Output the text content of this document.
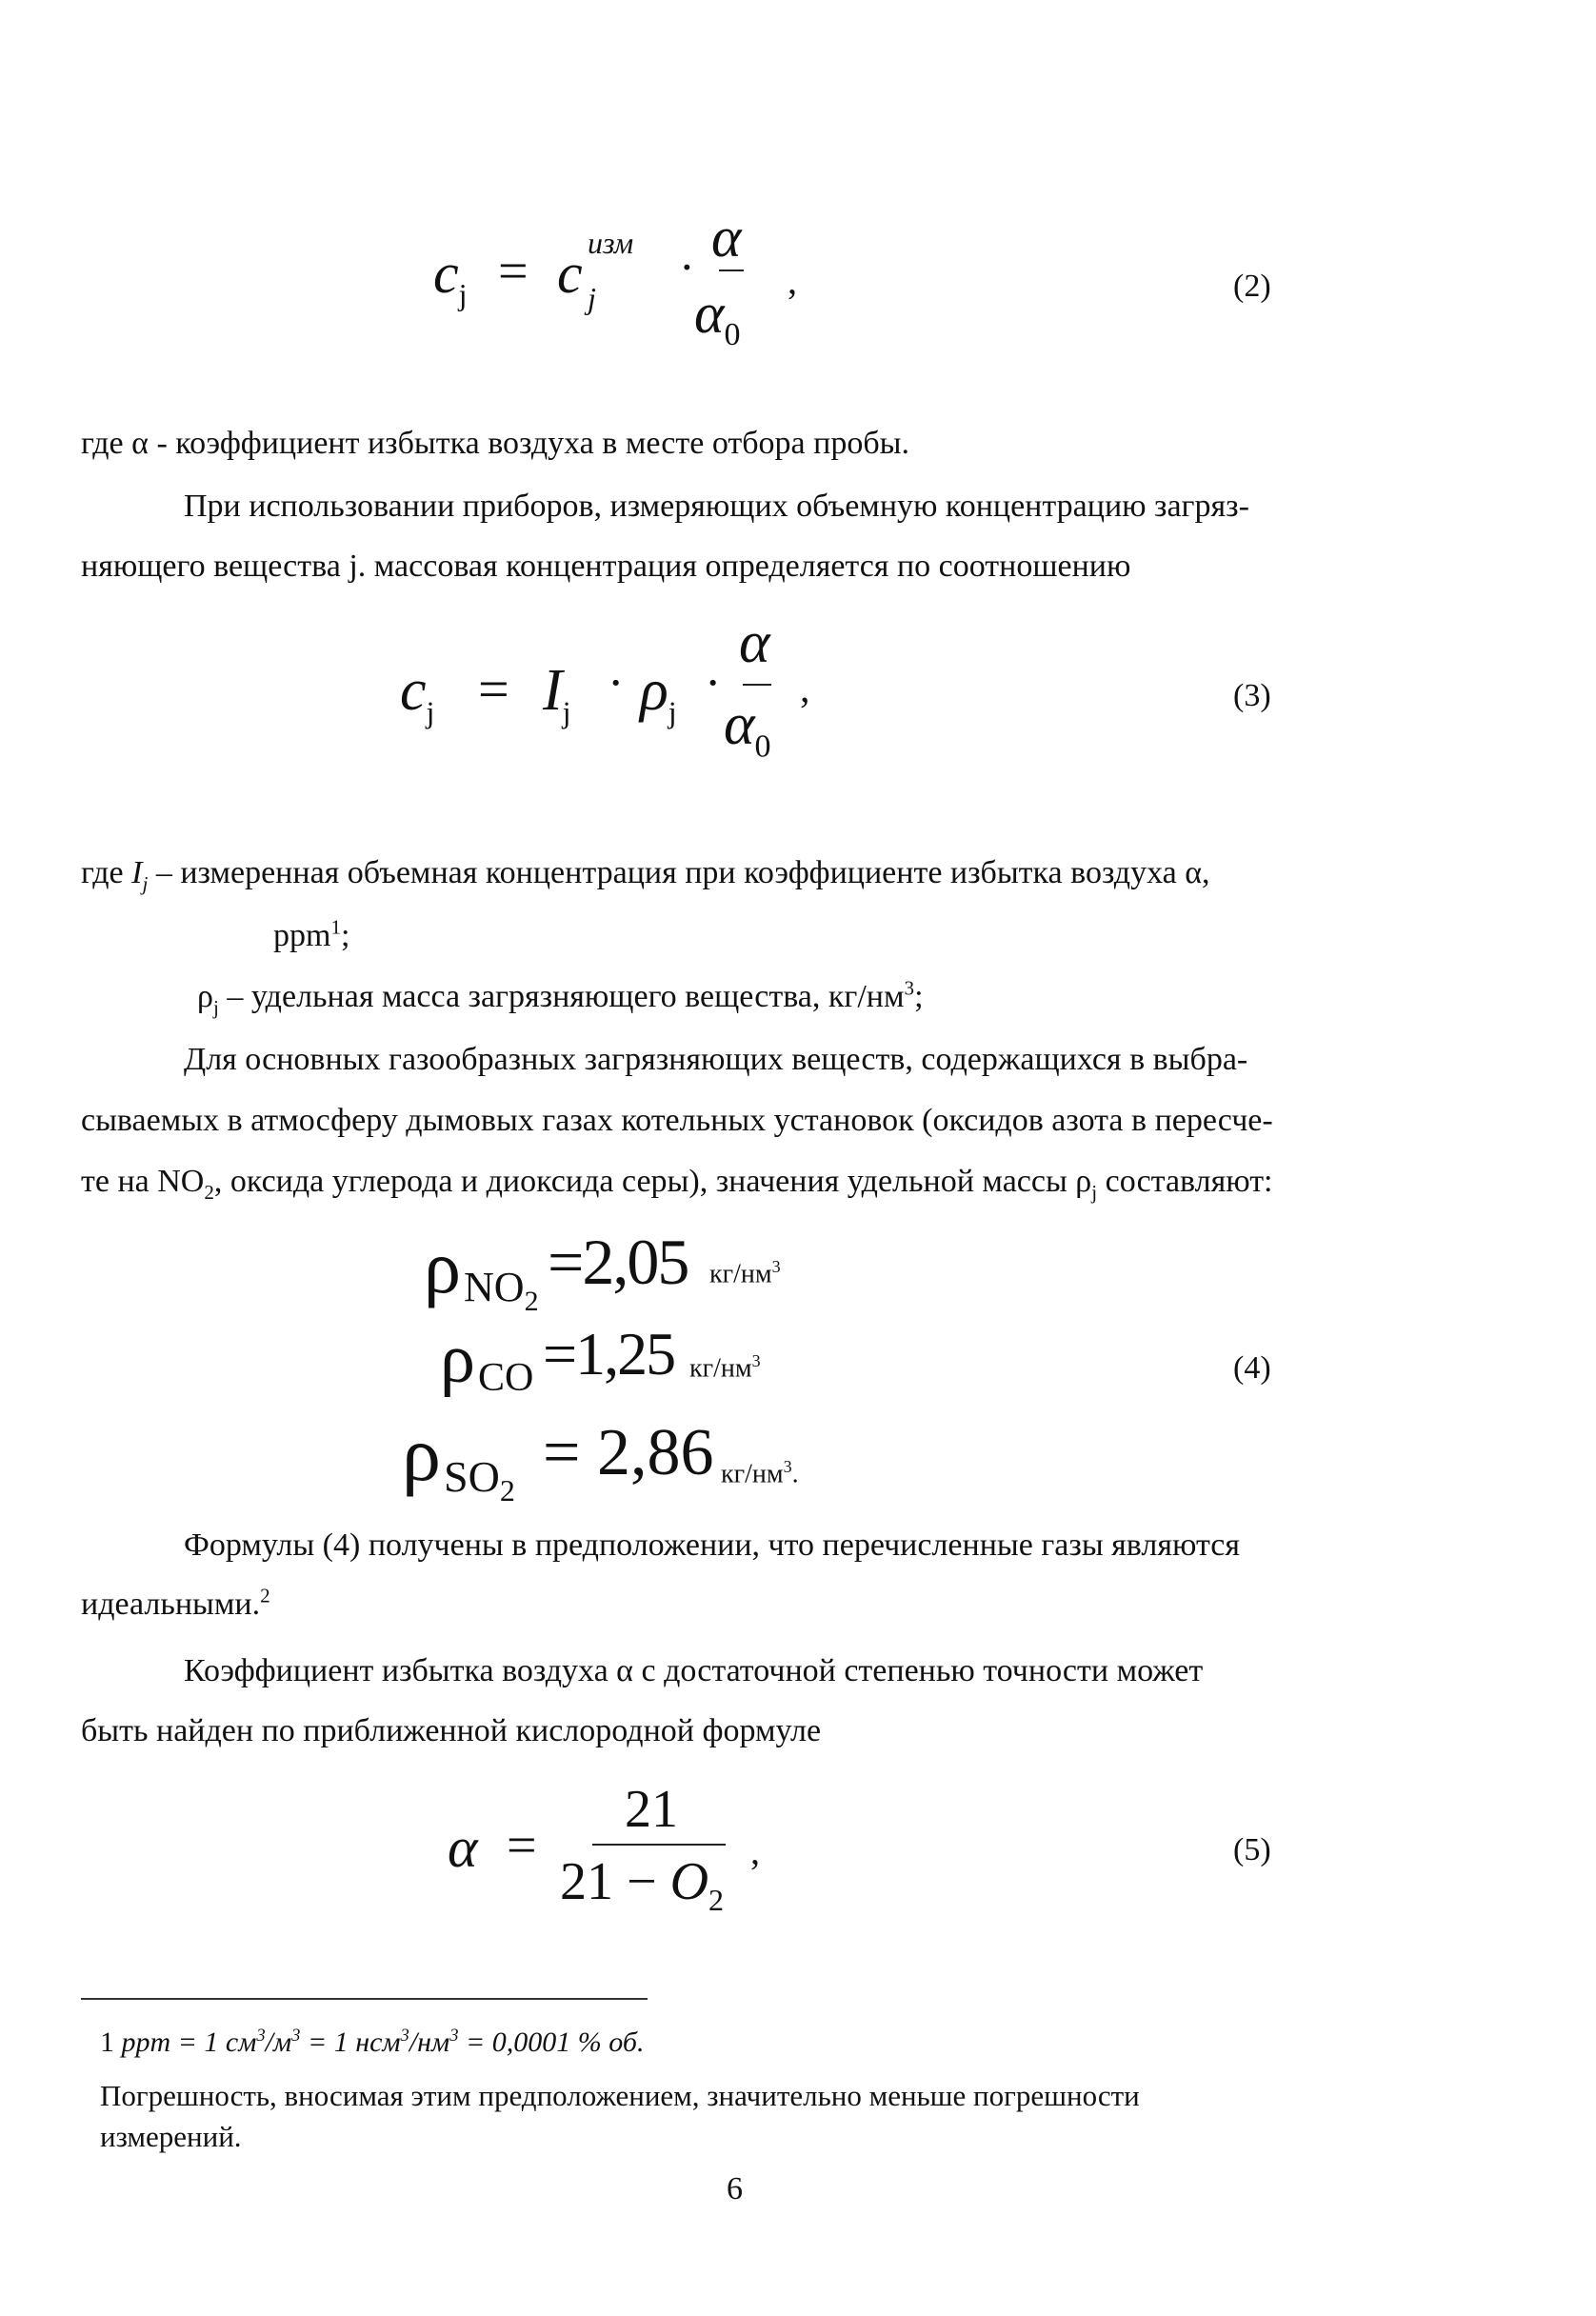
$c_j = c$ изм
j
· α
$\alpha_0$
,	(2)
где α - коэффициент избытка воздуха в месте отбора пробы.
При использовании приборов, измеряющих объемную концентрацию загряз-
няющего вещества j. массовая концентрация определяется по соотношению
$c_j = I_j$
· $\rho_j$
·
α
$\alpha_0$
,	(3)
где $I_j$ – измеренная объемная концентрация при коэффициенте избытка воздуха α,
ppm$^1$;
$\rho_j$ – удельная масса загрязняющего вещества, $кг/нм^3$;
Для основных газообразных загрязняющих веществ, содержащихся в выбра-
сываемых в атмосферу дымовых газах котельных установок (оксидов азота в пересче-
те на $NO_2$, оксида углерода и диоксида серы), значения удельной массы $\rho_j$ составляют:
ρ $NO_2$
=2,05 $кг/нм^3$
ρ CO =1,25 $кг/нм^3$
ρ $SO_2$
= 2,86 $кг/нм^3$.
(4)
Формулы (4) получены в предположении, что перечисленные газы являются
идеальными.$^2$
Коэффициент избытка воздуха α с достаточной степенью точности может
быть найден по приближенной кислородной формуле
α =
21
$21 - O_2$
,	(5)
1 ppm = 1 $см^3/м^3 = 1$ $нсм^3/нм^3 = 0,0001$ % об.
Погрешность, вносимая этим предположением, значительно меньше погрешности
измерений.
6
